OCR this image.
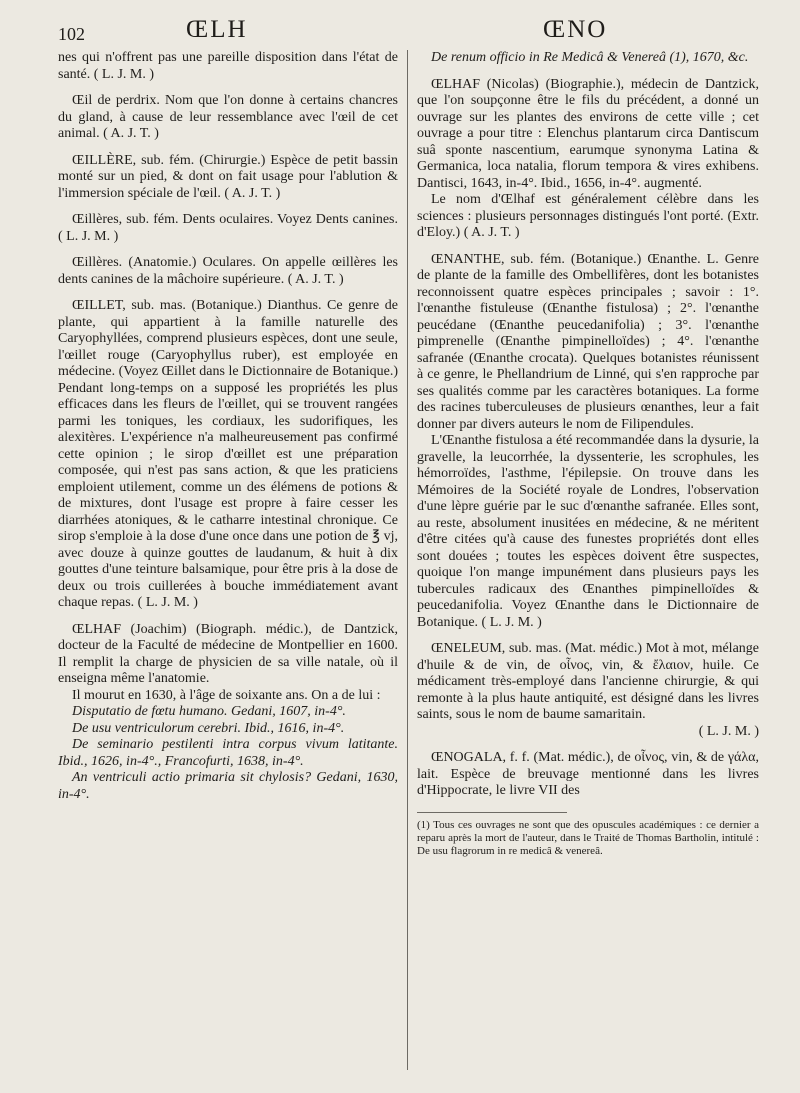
102	ŒLH	ŒNO

nes qui n'offrent pas une pareille disposition dans l'état de santé. ( L. J. M. )

Œil de perdrix. Nom que l'on donne à certains chancres du gland, à cause de leur ressemblance avec l'œil de cet animal. ( A. J. T. )

ŒILLÈRE, sub. fém. (Chirurgie.) Espèce de petit bassin monté sur un pied, & dont on fait usage pour l'ablution & l'immersion spéciale de l'œil. ( A. J. T. )

Œillères, sub. fém. Dents oculaires. Voyez Dents canines. ( L. J. M. )

Œillères. (Anatomie.) Oculares. On appelle œillères les dents canines de la mâchoire supérieure. ( A. J. T. )

ŒILLET, sub. mas. (Botanique.) Dianthus. Ce genre de plante, qui appartient à la famille naturelle des Caryophyllées, comprend plusieurs espèces, dont une seule, l'œillet rouge (Caryophyllus ruber), est employée en médecine. (Voyez Œillet dans le Dictionnaire de Botanique.) Pendant long-temps on a supposé les propriétés les plus efficaces dans les fleurs de l'œillet, qui se trouvent rangées parmi les toniques, les cordiaux, les sudorifiques, les alexitères. L'expérience n'a malheureusement pas confirmé cette opinion ; le sirop d'œillet est une préparation composée, qui n'est pas sans action, & que les praticiens emploient utilement, comme un des élémens de potions & de mixtures, dont l'usage est propre à faire cesser les diarrhées atoniques, & le catharre intestinal chronique. Ce sirop s'emploie à la dose d'une once dans une potion de ℥ vj, avec douze à quinze gouttes de laudanum, & huit à dix gouttes d'une teinture balsamique, pour être pris à la dose de deux ou trois cuillerées à bouche immédiatement avant chaque repas. ( L. J. M. )

ŒLHAF (Joachim) (Biograph. médic.), de Dantzick, docteur de la Faculté de médecine de Montpellier en 1600. Il remplit la charge de physicien de sa ville natale, où il enseigna même l'anatomie.

Il mourut en 1630, à l'âge de soixante ans. On a de lui :

Disputatio de fœtu humano. Gedani, 1607, in-4°.

De usu ventriculorum cerebri. Ibid., 1616, in-4°.

De seminario pestilenti intra corpus vivum latitante. Ibid., 1626, in-4°., Francofurti, 1638, in-4°.

An ventriculi actio primaria sit chylosis? Gedani, 1630, in-4°.

De renum officio in Re Medicâ & Venereâ (1), 1670, &c.

ŒLHAF (Nicolas) (Biographie.), médecin de Dantzick, que l'on soupçonne être le fils du précédent, a donné un ouvrage sur les plantes des environs de cette ville ; cet ouvrage a pour titre : Elenchus plantarum circa Dantiscum suâ sponte nascentium, earumque synonyma Latina & Germanica, loca natalia, florum tempora & vires exhibens. Dantisci, 1643, in-4°. Ibid., 1656, in-4°. augmenté.

Le nom d'Œlhaf est généralement célèbre dans les sciences : plusieurs personnages distingués l'ont porté. (Extr. d'Eloy.) ( A. J. T. )

ŒNANTHE, sub. fém. (Botanique.) Œnanthe. L. Genre de plante de la famille des Ombellifères, dont les botanistes reconnoissent quatre espèces principales ; savoir : 1°. l'œnanthe fistuleuse (Œnanthe fistulosa) ; 2°. l'œnanthe peucédane (Œnanthe peucedanifolia) ; 3°. l'œnanthe pimprenelle (Œnanthe pimpinelloïdes) ; 4°. l'œnanthe safranée (Œnanthe crocata). Quelques botanistes réunissent à ce genre, le Phellandrium de Linné, qui s'en rapproche par ses qualités comme par les caractères botaniques. La forme des racines tuberculeuses de plusieurs œnanthes, leur a fait donner par divers auteurs le nom de Filipendules.

L'Œnanthe fistulosa a été recommandée dans la dysurie, la gravelle, la leucorrhée, la dyssenterie, les scrophules, les hémorroïdes, l'asthme, l'épilepsie. On trouve dans les Mémoires de la Société royale de Londres, l'observation d'une lèpre guérie par le suc d'œnanthe safranée. Elles sont, au reste, absolument inusitées en médecine, & ne méritent d'être citées qu'à cause des funestes propriétés dont elles sont douées ; toutes les espèces doivent être suspectes, quoique l'on mange impunément dans plusieurs pays les tubercules radicaux des Œnanthes pimpinelloïdes & peucedanifolia. Voyez Œnanthe dans le Dictionnaire de Botanique. ( L. J. M. )

ŒNELEUM, sub. mas. (Mat. médic.) Mot à mot, mélange d'huile & de vin, de οἶνος, vin, & ἔλαιον, huile. Ce médicament très-employé dans l'ancienne chirurgie, & qui remonte à la plus haute antiquité, est désigné dans les livres saints, sous le nom de baume samaritain.

( L. J. M. )

ŒNOGALA, f. f. (Mat. médic.), de οἶνος, vin, & de γάλα, lait. Espèce de breuvage mentionné dans les livres d'Hippocrate, le livre VII des

(1) Tous ces ouvrages ne sont que des opuscules académiques : ce dernier a reparu après la mort de l'auteur, dans le Traité de Thomas Bartholin, intitulé : De usu flagrorum in re medicâ & venereâ.
